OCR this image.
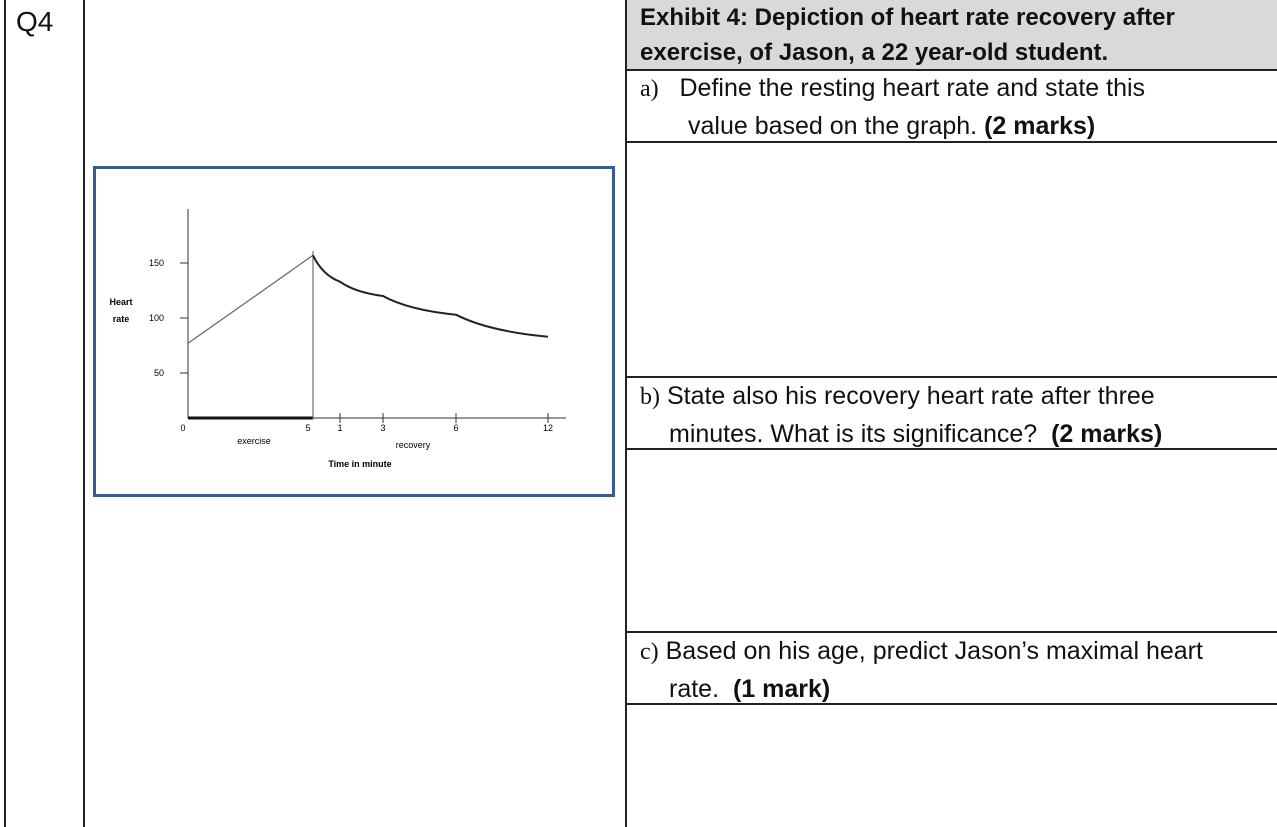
Q4	Exhibit 4: Depiction of heart rate recovery after
exercise, of Jason, a 22 year-old student.
a) Define the resting heart rate and state this
value based on the graph. (2 marks)
b) State also his recovery heart rate after three
minutes. What is its significance? (2 marks)
c) Based on his age, predict Jason’s maximal heart
rate. (1 mark)
Heart
rate
150
100
50
0	5	1	3	6	12
exercise	recovery
Time in minute
